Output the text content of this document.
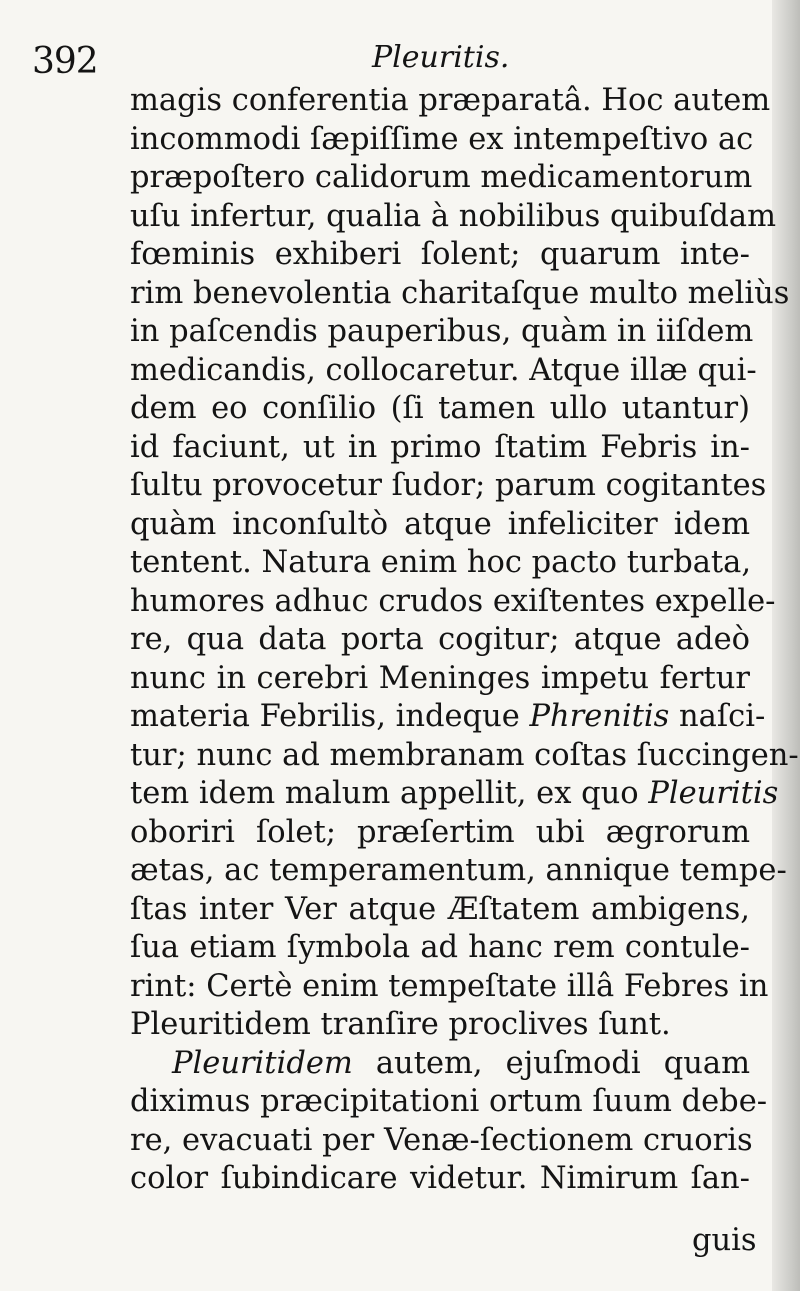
392	Pleuritis.
magis conferentia præparatâ. Hoc autem
incommodi ſæpiſſime ex intempeſtivo ac
præpoſtero calidorum medicamentorum
uſu infertur, qualia à nobilibus quibuſdam
fœminis exhiberi ſolent; quarum inte-
rim benevolentia charitaſque multo meliùs
in paſcendis pauperibus, quàm in iiſdem
medicandis, collocaretur. Atque illæ qui-
dem eo conſilio (ſi tamen ullo utantur)
id faciunt, ut in primo ſtatim Febris in-
ſultu provocetur ſudor; parum cogitantes
quàm inconſultò atque infeliciter idem
tentent. Natura enim hoc pacto turbata,
humores adhuc crudos exiſtentes expelle-
re, qua data porta cogitur; atque adeò
nunc in cerebri Meninges impetu fertur
materia Febrilis, indeque Phrenitis naſci-
tur; nunc ad membranam coſtas ſuccingen-
tem idem malum appellit, ex quo Pleuritis
oboriri ſolet; præſertim ubi ægrorum
ætas, ac temperamentum, annique tempe-
ſtas inter Ver atque Æſtatem ambigens,
ſua etiam ſymbola ad hanc rem contule-
rint: Certè enim tempeſtate illâ Febres in
Pleuritidem tranſire proclives ſunt.
Pleuritidem autem, ejuſmodi quam
diximus præcipitationi ortum ſuum debe-
re, evacuati per Venæ-ſectionem cruoris
color ſubindicare videtur. Nimirum ſan-
guis
